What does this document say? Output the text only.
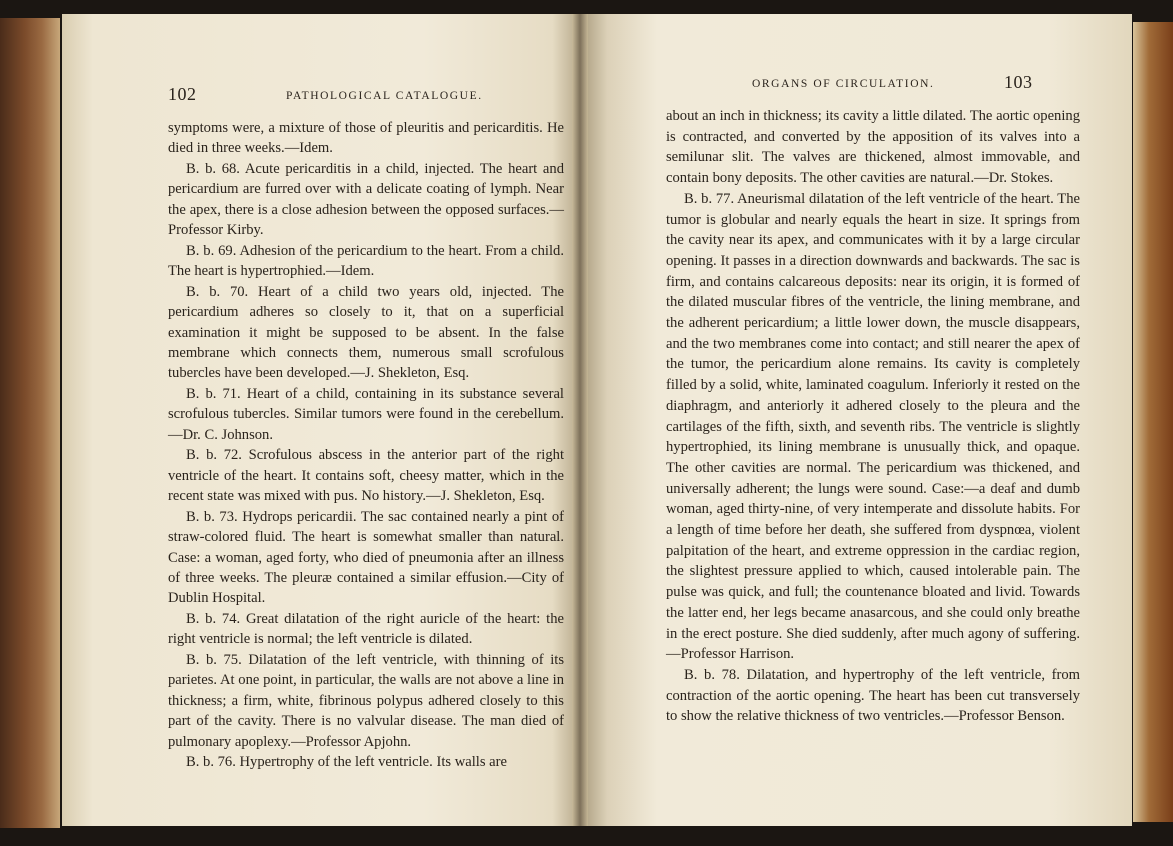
102	PATHOLOGICAL CATALOGUE.

symptoms were, a mixture of those of pleuritis and pericarditis. He died in three weeks.—Idem.

B. b. 68. Acute pericarditis in a child, injected. The heart and pericardium are furred over with a delicate coating of lymph. Near the apex, there is a close adhesion between the opposed surfaces.—Professor Kirby.

B. b. 69. Adhesion of the pericardium to the heart. From a child. The heart is hypertrophied.—Idem.

B. b. 70. Heart of a child two years old, injected. The pericardium adheres so closely to it, that on a superficial examination it might be supposed to be absent. In the false membrane which connects them, numerous small scrofulous tubercles have been developed.—J. Shekleton, Esq.

B. b. 71. Heart of a child, containing in its substance several scrofulous tubercles. Similar tumors were found in the cerebellum.—Dr. C. Johnson.

B. b. 72. Scrofulous abscess in the anterior part of the right ventricle of the heart. It contains soft, cheesy matter, which in the recent state was mixed with pus. No history.—J. Shekleton, Esq.

B. b. 73. Hydrops pericardii. The sac contained nearly a pint of straw-colored fluid. The heart is somewhat smaller than natural. Case: a woman, aged forty, who died of pneumonia after an illness of three weeks. The pleuræ contained a similar effusion.—City of Dublin Hospital.

B. b. 74. Great dilatation of the right auricle of the heart: the right ventricle is normal; the left ventricle is dilated.

B. b. 75. Dilatation of the left ventricle, with thinning of its parietes. At one point, in particular, the walls are not above a line in thickness; a firm, white, fibrinous polypus adhered closely to this part of the cavity. There is no valvular disease. The man died of pulmonary apoplexy.—Professor Apjohn.

B. b. 76. Hypertrophy of the left ventricle. Its walls are

ORGANS OF CIRCULATION.	103

about an inch in thickness; its cavity a little dilated. The aortic opening is contracted, and converted by the apposition of its valves into a semilunar slit. The valves are thickened, almost immovable, and contain bony deposits. The other cavities are natural.—Dr. Stokes.

B. b. 77. Aneurismal dilatation of the left ventricle of the heart. The tumor is globular and nearly equals the heart in size. It springs from the cavity near its apex, and communicates with it by a large circular opening. It passes in a direction downwards and backwards. The sac is firm, and contains calcareous deposits: near its origin, it is formed of the dilated muscular fibres of the ventricle, the lining membrane, and the adherent pericardium; a little lower down, the muscle disappears, and the two membranes come into contact; and still nearer the apex of the tumor, the pericardium alone remains. Its cavity is completely filled by a solid, white, laminated coagulum. Inferiorly it rested on the diaphragm, and anteriorly it adhered closely to the pleura and the cartilages of the fifth, sixth, and seventh ribs. The ventricle is slightly hypertrophied, its lining membrane is unusually thick, and opaque. The other cavities are normal. The pericardium was thickened, and universally adherent; the lungs were sound. Case:—a deaf and dumb woman, aged thirty-nine, of very intemperate and dissolute habits. For a length of time before her death, she suffered from dyspnœa, violent palpitation of the heart, and extreme oppression in the cardiac region, the slightest pressure applied to which, caused intolerable pain. The pulse was quick, and full; the countenance bloated and livid. Towards the latter end, her legs became anasarcous, and she could only breathe in the erect posture. She died suddenly, after much agony of suffering.—Professor Harrison.

B. b. 78. Dilatation, and hypertrophy of the left ventricle, from contraction of the aortic opening. The heart has been cut transversely to show the relative thickness of two ventricles.—Professor Benson.
